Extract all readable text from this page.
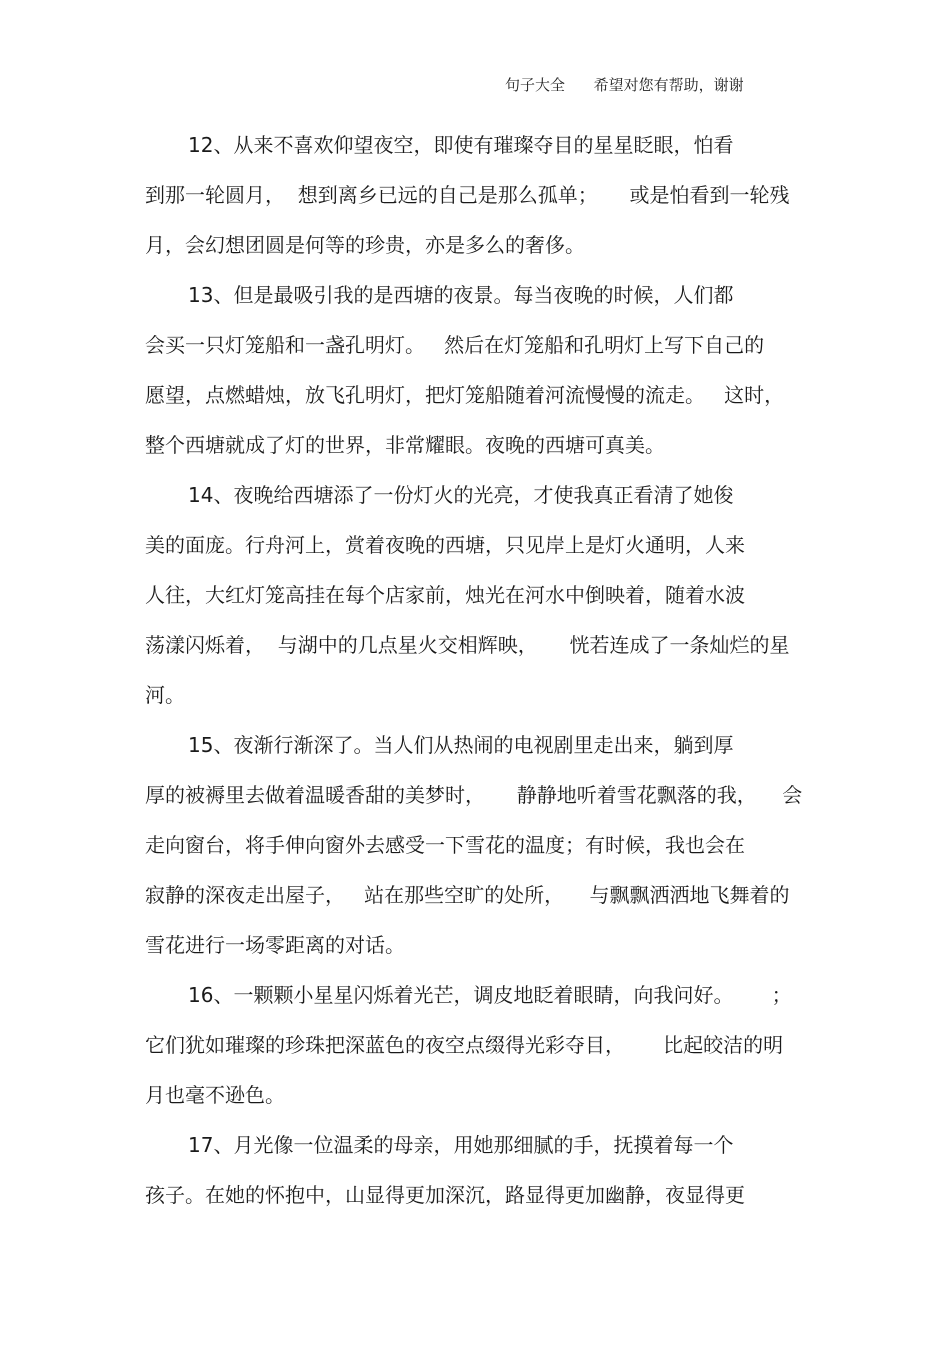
句子大全 希望对您有帮助，谢谢
12、从来不喜欢仰望夜空，即使有璀璨夺目的星星眨眼，怕看
到那一轮圆月，  想到离乡已远的自己是那么孤单；     或是怕看到一轮残
月，会幻想团圆是何等的珍贵，亦是多么的奢侈。
13、但是最吸引我的是西塘的夜景。每当夜晚的时候，人们都
会买一只灯笼船和一盏孔明灯。   然后在灯笼船和孔明灯上写下自己的
愿望，点燃蜡烛，放飞孔明灯，把灯笼船随着河流慢慢的流走。   这时，
整个西塘就成了灯的世界，非常耀眼。夜晚的西塘可真美。
14、夜晚给西塘添了一份灯火的光亮，才使我真正看清了她俊
美的面庞。行舟河上，赏着夜晚的西塘，只见岸上是灯火通明，人来
人往，大红灯笼高挂在每个店家前，烛光在河水中倒映着，随着水波
荡漾闪烁着，  与湖中的几点星火交相辉映，     恍若连成了一条灿烂的星
河。
15、夜渐行渐深了。当人们从热闹的电视剧里走出来，躺到厚
厚的被褥里去做着温暖香甜的美梦时，     静静地听着雪花飘落的我，    会
走向窗台，将手伸向窗外去感受一下雪花的温度；有时候，我也会在
寂静的深夜走出屋子，   站在那些空旷的处所，    与飘飘洒洒地飞舞着的
雪花进行一场零距离的对话。
16、一颗颗小星星闪烁着光芒，调皮地眨着眼睛，向我问好。      ；
它们犹如璀璨的珍珠把深蓝色的夜空点缀得光彩夺目，      比起皎洁的明
月也毫不逊色。
17、月光像一位温柔的母亲，用她那细腻的手，抚摸着每一个
孩子。在她的怀抱中，山显得更加深沉，路显得更加幽静，夜显得更
